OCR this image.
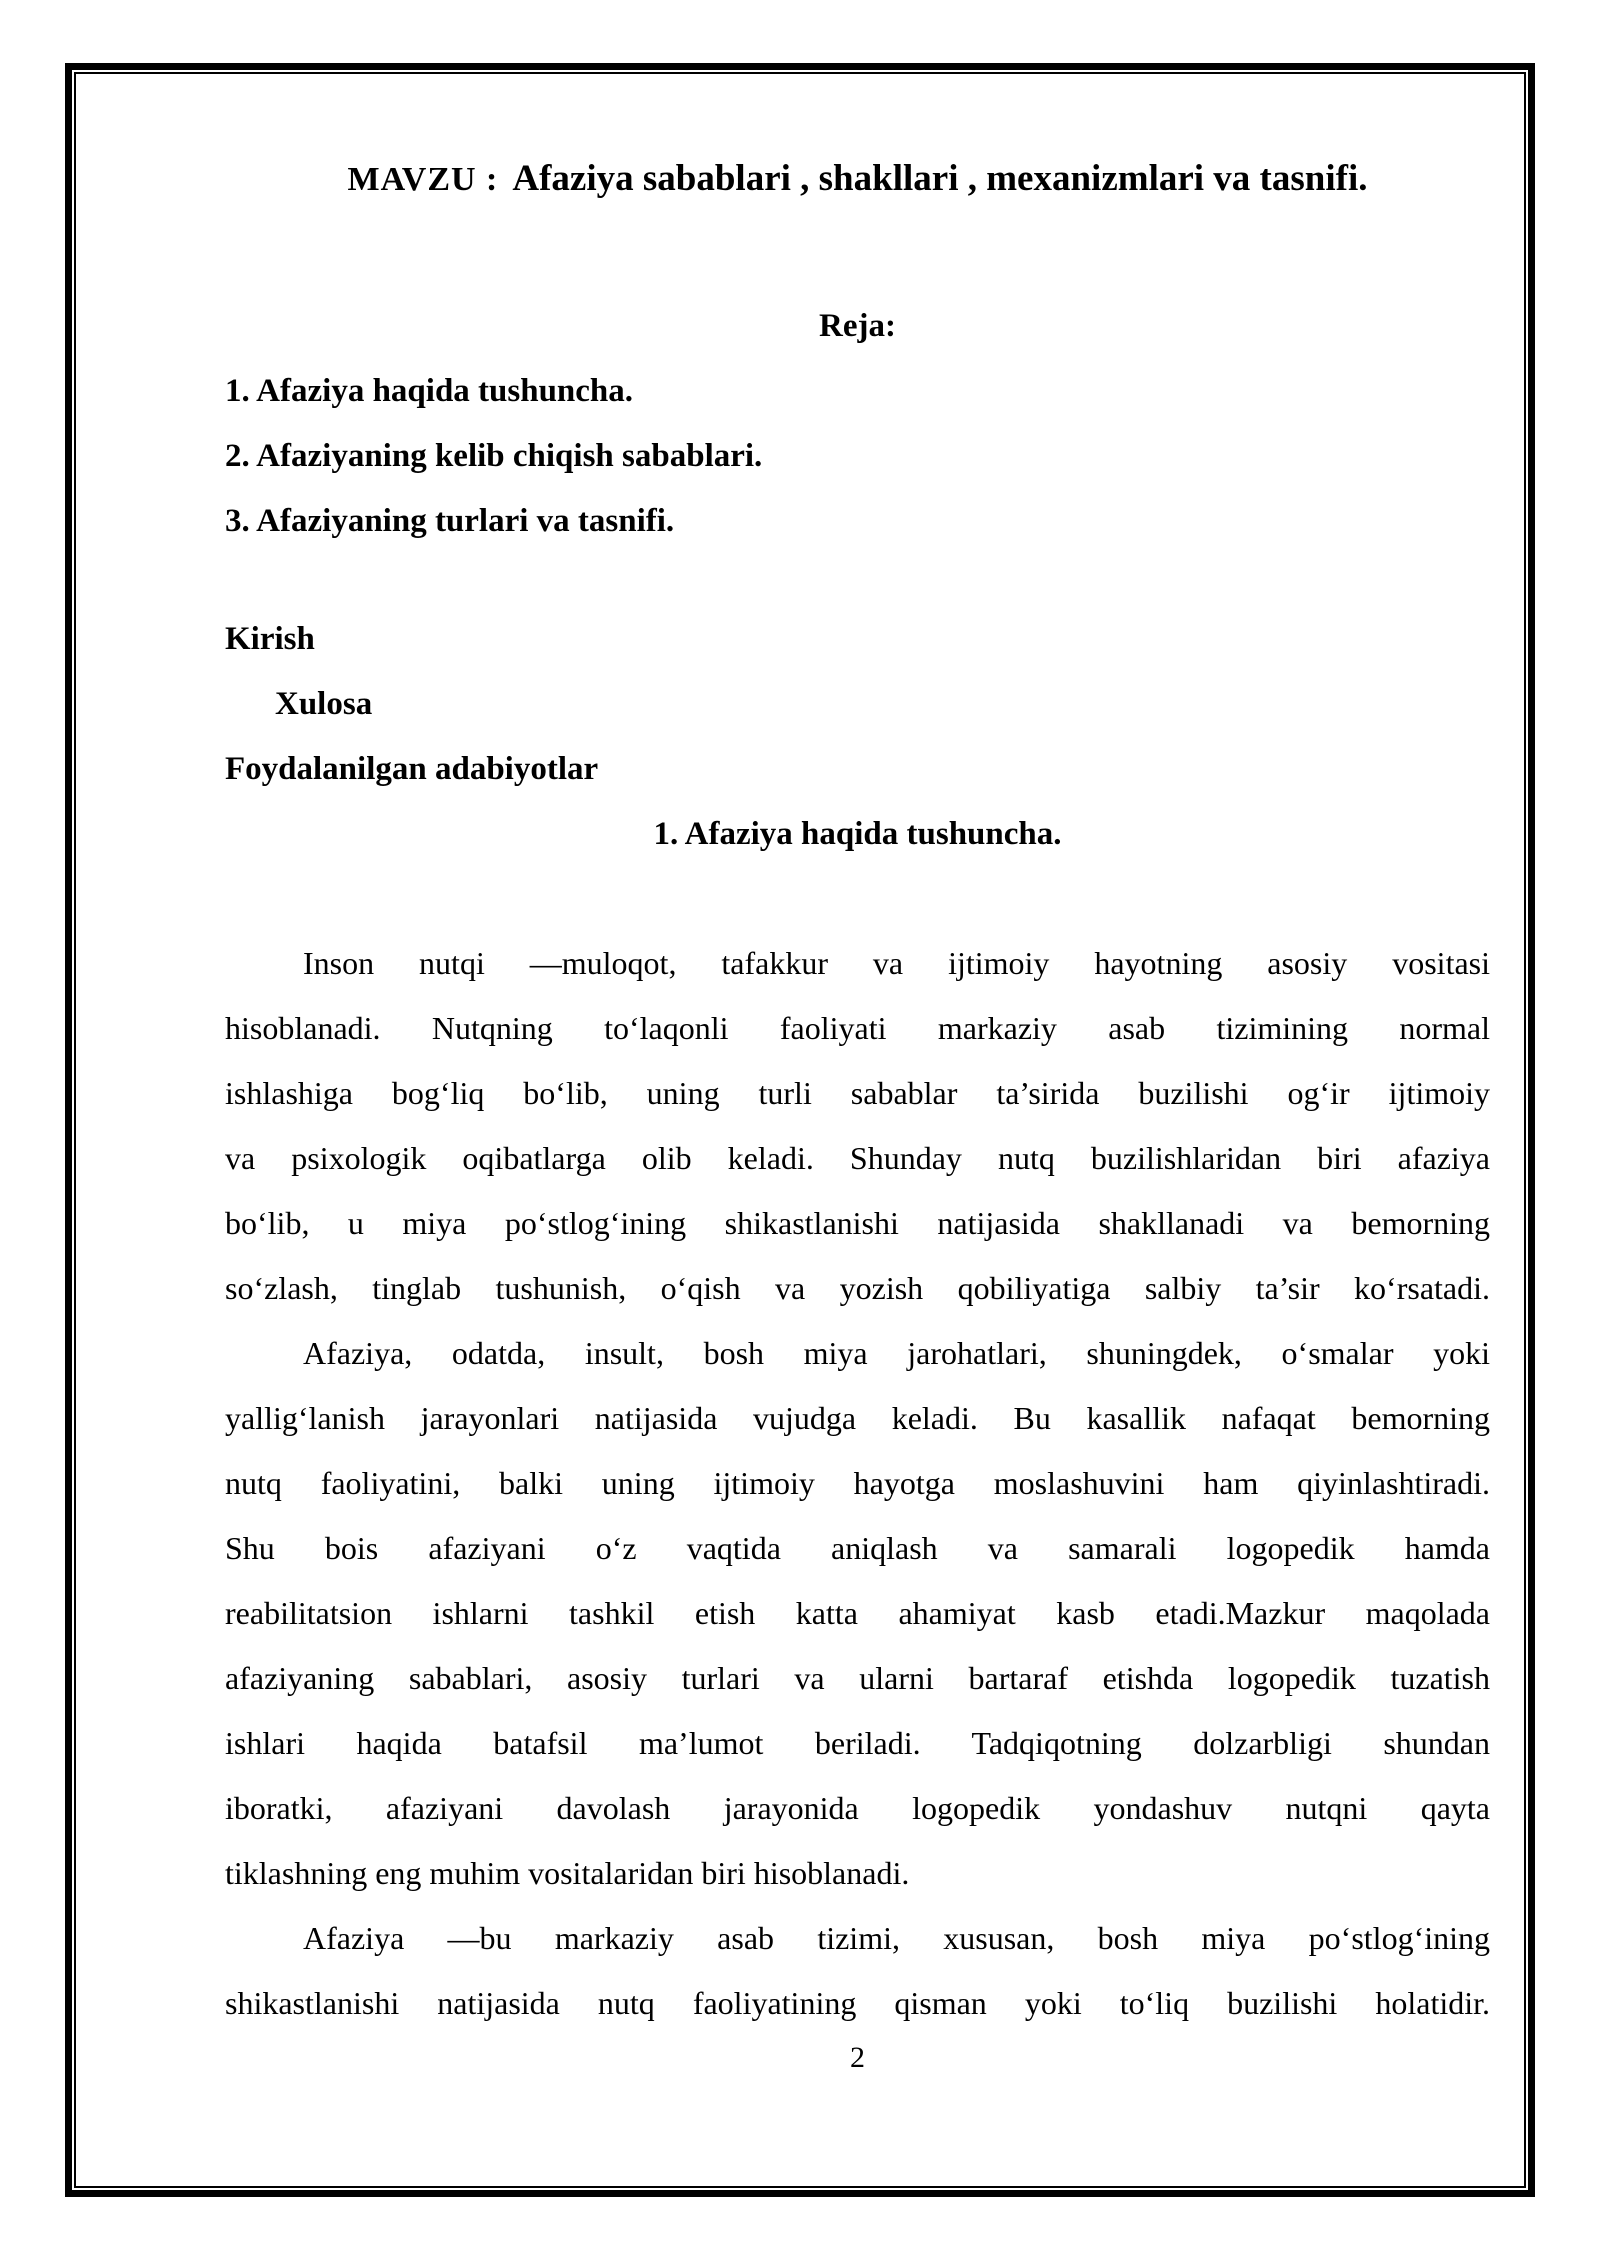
MAVZU : Afaziya sabablari , shakllari , mexanizmlari va tasnifi.
Reja:
1. Afaziya haqida tushuncha.
2. Afaziyaning kelib chiqish sabablari.
3. Afaziyaning turlari va tasnifi.
Kirish
Xulosa
Foydalanilgan adabiyotlar
1. Afaziya haqida tushuncha.
Inson nutqi —muloqot, tafakkur va ijtimoiy hayotning asosiy vositasi
hisoblanadi. Nutqning to‘laqonli faoliyati markaziy asab tizimining normal
ishlashiga bog‘liq bo‘lib, uning turli sabablar ta’sirida buzilishi og‘ir ijtimoiy
va psixologik oqibatlarga olib keladi. Shunday nutq buzilishlaridan biri afaziya
bo‘lib, u miya po‘stlog‘ining shikastlanishi natijasida shakllanadi va bemorning
so‘zlash, tinglab tushunish, o‘qish va yozish qobiliyatiga salbiy ta’sir ko‘rsatadi.
Afaziya, odatda, insult, bosh miya jarohatlari, shuningdek, o‘smalar yoki
yallig‘lanish jarayonlari natijasida vujudga keladi. Bu kasallik nafaqat bemorning
nutq faoliyatini, balki uning ijtimoiy hayotga moslashuvini ham qiyinlashtiradi.
Shu bois afaziyani o‘z vaqtida aniqlash va samarali logopedik hamda
reabilitatsion ishlarni tashkil etish katta ahamiyat kasb etadi.Mazkur maqolada
afaziyaning sabablari, asosiy turlari va ularni bartaraf etishda logopedik tuzatish
ishlari haqida batafsil ma’lumot beriladi. Tadqiqotning dolzarbligi shundan
iboratki, afaziyani davolash jarayonida logopedik yondashuv nutqni qayta
tiklashning eng muhim vositalaridan biri hisoblanadi.
Afaziya —bu markaziy asab tizimi, xususan, bosh miya po‘stlog‘ining
shikastlanishi natijasida nutq faoliyatining qisman yoki to‘liq buzilishi holatidir.
2
